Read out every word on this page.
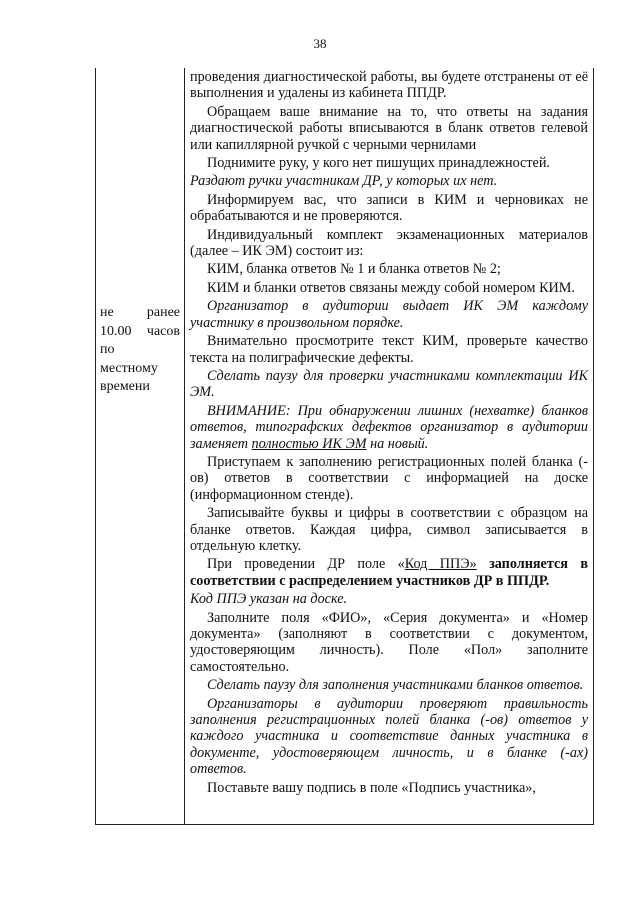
38
не ранее
10.00 часов
по
местному
времени

проведения диагностической работы, вы будете отстранены от её выполнения и удалены из кабинета ППДР.

Обращаем ваше внимание на то, что ответы на задания диагностической работы вписываются в бланк ответов гелевой или капиллярной ручкой с черными чернилами

Поднимите руку, у кого нет пишущих принадлежностей.

Раздают ручки участникам ДР, у которых их нет.

Информируем вас, что записи в КИМ и черновиках не обрабатываются и не проверяются.

Индивидуальный комплект экзаменационных материалов (далее – ИК ЭМ) состоит из:

КИМ, бланка ответов № 1 и бланка ответов № 2;

КИМ и бланки ответов связаны между собой номером КИМ.

Организатор в аудитории выдает ИК ЭМ каждому участнику в произвольном порядке.

Внимательно просмотрите текст КИМ, проверьте качество текста на полиграфические дефекты.

Сделать паузу для проверки участниками комплектации ИК ЭМ.

ВНИМАНИЕ: При обнаружении лишних (нехватке) бланков ответов, типографских дефектов организатор в аудитории заменяет полностью ИК ЭМ на новый.

Приступаем к заполнению регистрационных полей бланка (-ов) ответов в соответствии с информацией на доске (информационном стенде).

Записывайте буквы и цифры в соответствии с образцом на бланке ответов. Каждая цифра, символ записывается в отдельную клетку.

При проведении ДР поле «Код ППЭ» заполняется в соответствии с распределением участников ДР в ППДР.

Код ППЭ указан на доске.

Заполните поля «ФИО», «Серия документа» и «Номер документа» (заполняют в соответствии с документом, удостоверяющим личность). Поле «Пол» заполните самостоятельно.

Сделать паузу для заполнения участниками бланков ответов.

Организаторы в аудитории проверяют правильность заполнения регистрационных полей бланка (-ов) ответов у каждого участника и соответствие данных участника в документе, удостоверяющем личность, и в бланке (-ах) ответов.

Поставьте вашу подпись в поле «Подпись участника»,
